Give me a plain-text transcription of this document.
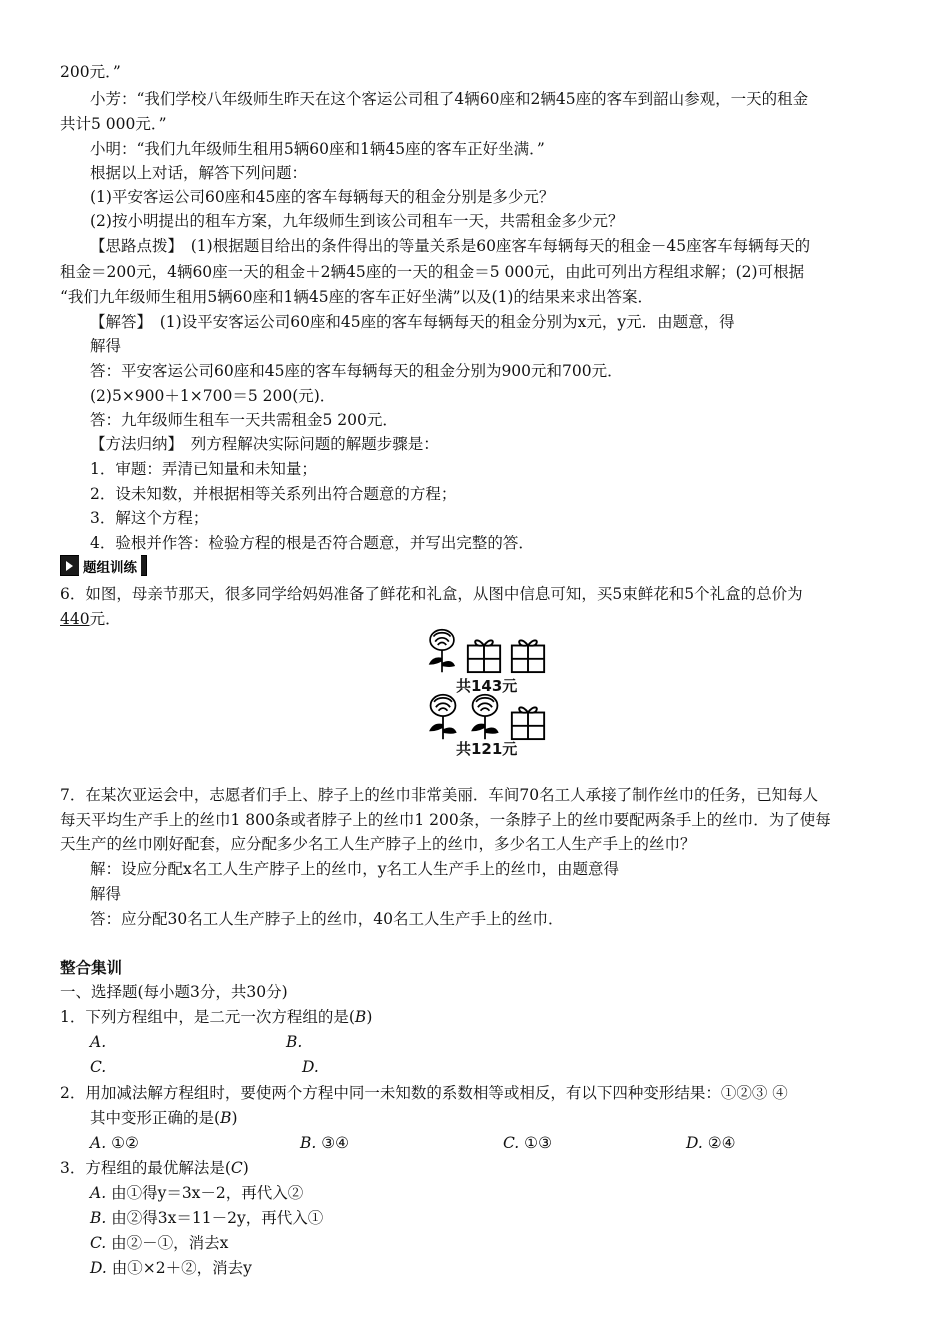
200元．”
小芳：“我们学校八年级师生昨天在这个客运公司租了4辆60座和2辆45座的客车到韶山参观，一天的租金
共计5 000元．”
小明：“我们九年级师生租用5辆60座和1辆45座的客车正好坐满．”
根据以上对话，解答下列问题：
(1)平安客运公司60座和45座的客车每辆每天的租金分别是多少元？
(2)按小明提出的租车方案，九年级师生到该公司租车一天，共需租金多少元？
【思路点拨】　(1)根据题目给出的条件得出的等量关系是60座客车每辆每天的租金－45座客车每辆每天的
租金＝200元，4辆60座一天的租金＋2辆45座的一天的租金＝5 000元，由此可列出方程组求解；(2)可根据
“我们九年级师生租用5辆60座和1辆45座的客车正好坐满”以及(1)的结果来求出答案．
【解答】　(1)设平安客运公司60座和45座的客车每辆每天的租金分别为x元，y元．由题意，得
解得
答：平安客运公司60座和45座的客车每辆每天的租金分别为900元和700元．
(2)5×900＋1×700＝5 200(元)．
答：九年级师生租车一天共需租金5 200元．
【方法归纳】　列方程解决实际问题的解题步骤是：
1．审题：弄清已知量和未知量；
2．设未知数，并根据相等关系列出符合题意的方程；
3．解这个方程；
4．验根并作答：检验方程的根是否符合题意，并写出完整的答．
题组训练
6．如图，母亲节那天，很多同学给妈妈准备了鲜花和礼盒，从图中信息可知，买5束鲜花和5个礼盒的总价为
440元．
共143元
共121元
7．在某次亚运会中，志愿者们手上、脖子上的丝巾非常美丽．车间70名工人承接了制作丝巾的任务，已知每人
每天平均生产手上的丝巾1 800条或者脖子上的丝巾1 200条，一条脖子上的丝巾要配两条手上的丝巾．为了使每
天生产的丝巾刚好配套，应分配多少名工人生产脖子上的丝巾，多少名工人生产手上的丝巾？
解：设应分配x名工人生产脖子上的丝巾，y名工人生产手上的丝巾，由题意得
解得
答：应分配30名工人生产脖子上的丝巾，40名工人生产手上的丝巾．
整合集训
一、选择题(每小题3分，共30分)
1．下列方程组中，是二元一次方程组的是(B)
A.	B.
C.	D.
2．用加减法解方程组时，要使两个方程中同一未知数的系数相等或相反，有以下四种变形结果：①②③ ④
其中变形正确的是(B)
A. ①②	B. ③④	C. ①③	D. ②④
3．方程组的最优解法是(C)
A. 由①得y＝3x－2，再代入②
B. 由②得3x＝11－2y，再代入①
C. 由②－①，消去x
D. 由①×2＋②，消去y
